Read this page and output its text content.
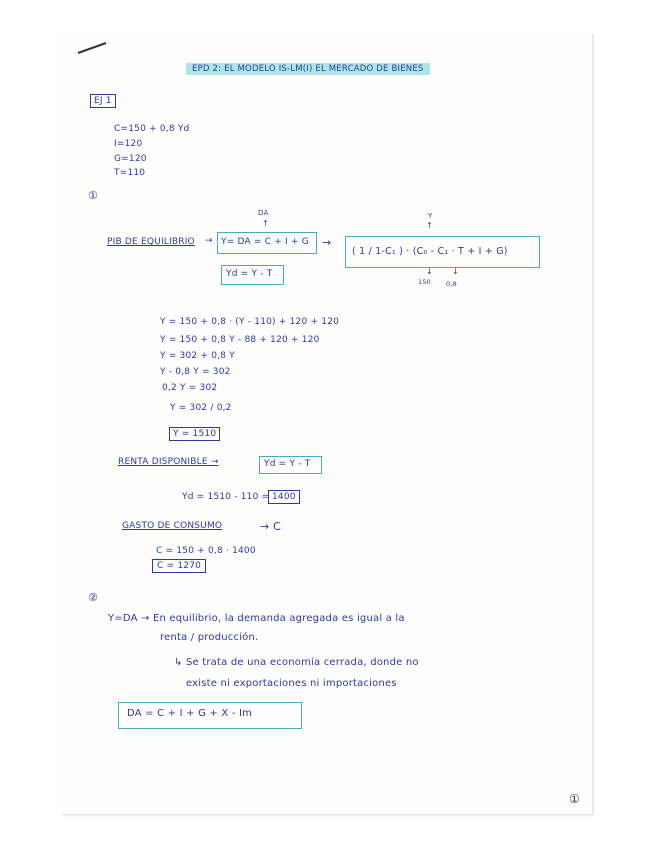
EPD 2: EL MODELO IS-LM(I) EL MERCADO DE BIENES
EJ 1
C=150 + 0,8 Yd
I=120
G=120
T=110
①
DA
↑
Y
↑
PIB DE EQUILIBRIO → Y= DA = C + I + G →
( 1 / 1-C₁ ) · (C₀ - C₁ · T + I + G)
↓ ↓
150 0,8
Yd = Y - T
Y = 150 + 0,8 · (Y - 110) + 120 + 120
Y = 150 + 0,8 Y - 88 + 120 + 120
Y = 302 + 0,8 Y
Y - 0,8 Y = 302
0,2 Y = 302
Y = 302 / 0,2
Y = 1510
RENTA DISPONIBLE →	Yd = Y - T
Yd = 1510 - 110 = 1400
GASTO DE CONSUMO	→ C
C = 150 + 0,8 · 1400
C = 1270
②
Y=DA → En equilibrio, la demanda agregada es igual a la
renta / producción.
↳ Se trata de una economía cerrada, donde no
existe ni exportaciones ni importaciones
DA = C + I + G + X - Im
①
